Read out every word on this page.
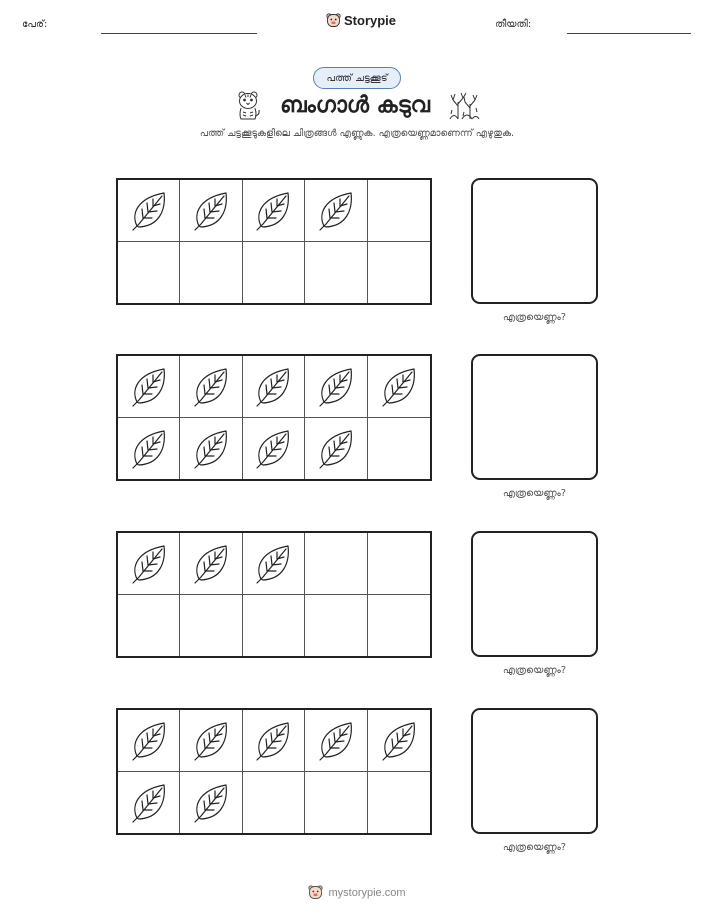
പേര്:	Storypie	തീയതി:
പത്ത് ചട്ടക്കൂട്
ബംഗാൾ കടുവ
പത്ത് ചട്ടക്കൂടുകളിലെ ചിത്രങ്ങൾ എണ്ണുക. എത്രയെണ്ണമാണെന്ന് എഴുതുക.
എത്രയെണ്ണം?
എത്രയെണ്ണം?
എത്രയെണ്ണം?
എത്രയെണ്ണം?
mystorypie.com
